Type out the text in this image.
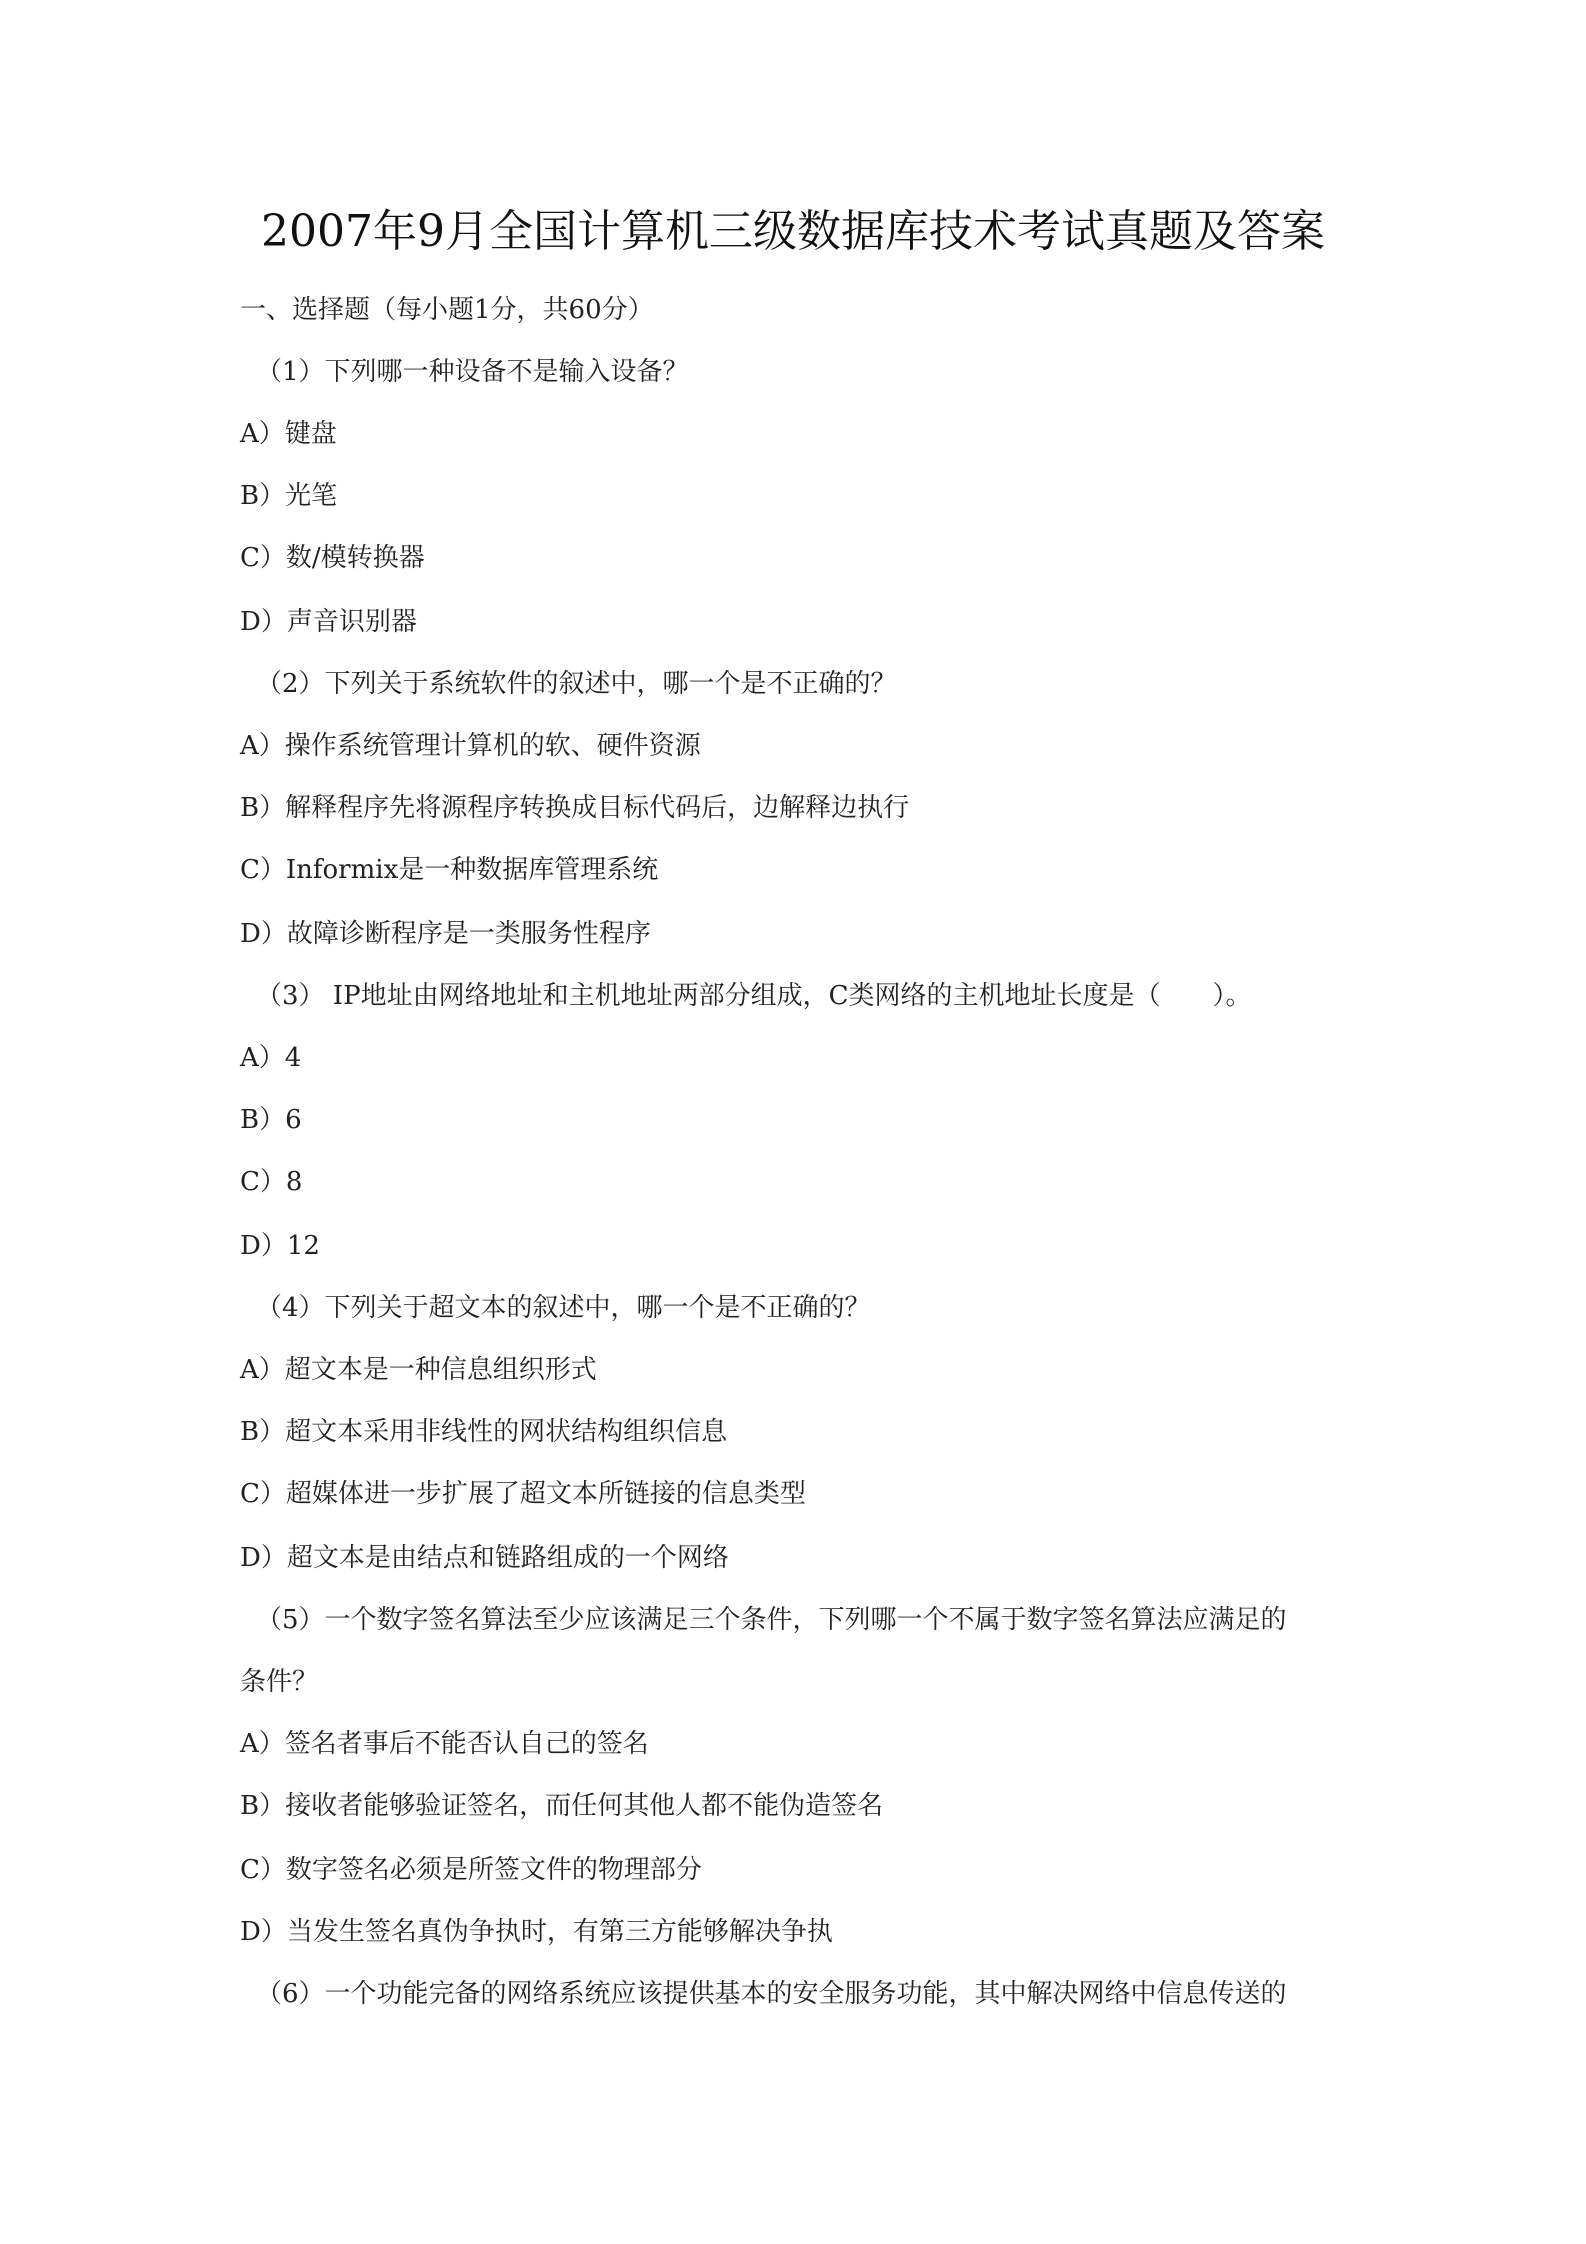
2007年9月全国计算机三级数据库技术考试真题及答案
一、选择题（每小题1分，共60分）
（1）下列哪一种设备不是输入设备？
A）键盘
B）光笔
C）数/模转换器
D）声音识别器
（2）下列关于系统软件的叙述中，哪一个是不正确的？
A）操作系统管理计算机的软、硬件资源
B）解释程序先将源程序转换成目标代码后，边解释边执行
C）Informix是一种数据库管理系统
D）故障诊断程序是一类服务性程序
（3） IP地址由网络地址和主机地址两部分组成，C类网络的主机地址长度是（　　）。
A）4
B）6
C）8
D）12
（4）下列关于超文本的叙述中，哪一个是不正确的？
A）超文本是一种信息组织形式
B）超文本采用非线性的网状结构组织信息
C）超媒体进一步扩展了超文本所链接的信息类型
D）超文本是由结点和链路组成的一个网络
（5）一个数字签名算法至少应该满足三个条件，下列哪一个不属于数字签名算法应满足的
条件？
A）签名者事后不能否认自己的签名
B）接收者能够验证签名，而任何其他人都不能伪造签名
C）数字签名必须是所签文件的物理部分
D）当发生签名真伪争执时，有第三方能够解决争执
（6）一个功能完备的网络系统应该提供基本的安全服务功能，其中解决网络中信息传送的
